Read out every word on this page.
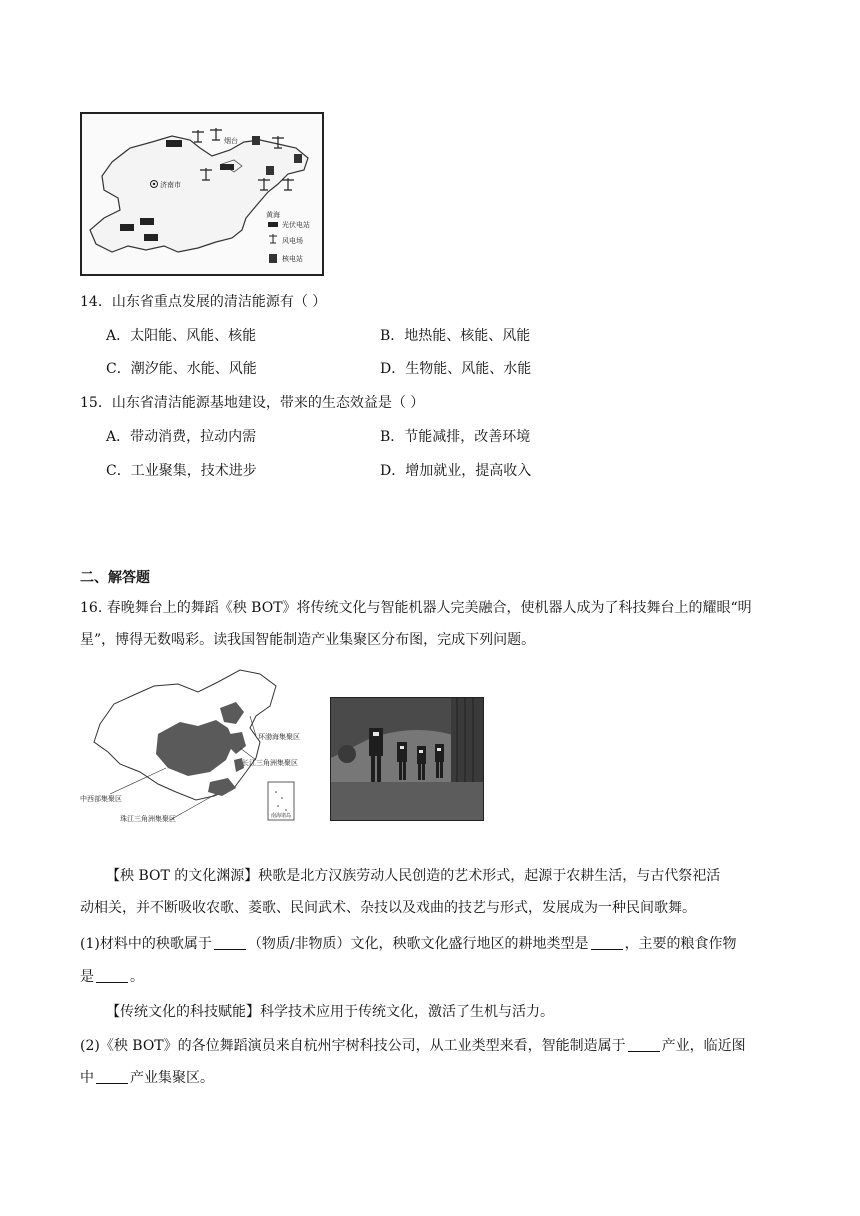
烟台
济南市
黄海
光伏电站
风电场
核电站
14．山东省重点发展的清洁能源有（ ）
A．太阳能、风能、核能	B．地热能、核能、风能
C．潮汐能、水能、风能	D．生物能、风能、水能
15．山东省清洁能源基地建设，带来的生态效益是（ ）
A．带动消费，拉动内需	B．节能减排，改善环境
C．工业聚集，技术进步	D．增加就业，提高收入
二、解答题
16. 春晚舞台上的舞蹈《秧 BOT》将传统文化与智能机器人完美融合，使机器人成为了科技舞台上的耀眼“明
星”，博得无数喝彩。读我国智能制造产业集聚区分布图，完成下列问题。
环渤海集聚区
长江三角洲集聚区
中西部集聚区
珠江三角洲集聚区	南海诸岛
【秧 BOT 的文化渊源】秧歌是北方汉族劳动人民创造的艺术形式，起源于农耕生活，与古代祭祀活
动相关，并不断吸收农歌、菱歌、民间武术、杂技以及戏曲的技艺与形式，发展成为一种民间歌舞。
(1)材料中的秧歌属于	（物质/非物质）文化，秧歌文化盛行地区的耕地类型是	，主要的粮食作物
是	。
【传统文化的科技赋能】科学技术应用于传统文化，激活了生机与活力。
(2)《秧 BOT》的各位舞蹈演员来自杭州宇树科技公司，从工业类型来看，智能制造属于	产业，临近图
中	产业集聚区。
